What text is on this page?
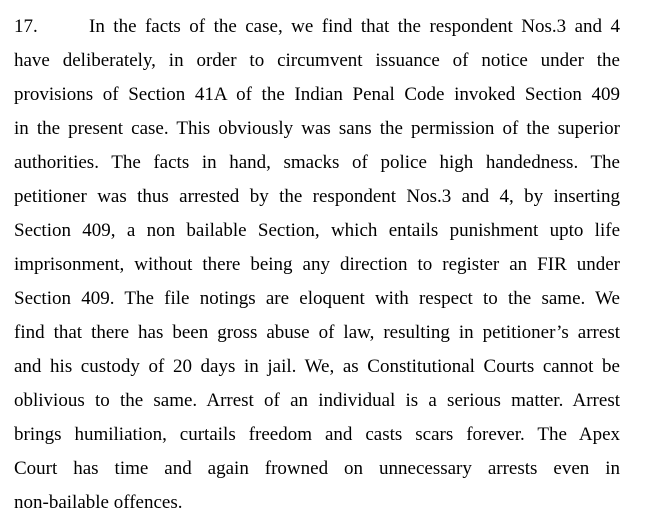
17.	In the facts of the case, we find that the respondent Nos.3 and 4
have deliberately, in order to circumvent issuance of notice under the
provisions of Section 41A of the Indian Penal Code invoked Section 409
in the present case. This obviously was sans the permission of the superior
authorities. The facts in hand, smacks of police high handedness. The
petitioner was thus arrested by the respondent Nos.3 and 4, by inserting
Section 409, a non bailable Section, which entails punishment upto life
imprisonment, without there being any direction to register an FIR under
Section 409. The file notings are eloquent with respect to the same. We
find that there has been gross abuse of law, resulting in petitioner’s arrest
and his custody of 20 days in jail. We, as Constitutional Courts cannot be
oblivious to the same. Arrest of an individual is a serious matter. Arrest
brings humiliation, curtails freedom and casts scars forever. The Apex
Court has time and again frowned on unnecessary arrests even in
non-bailable offences.
